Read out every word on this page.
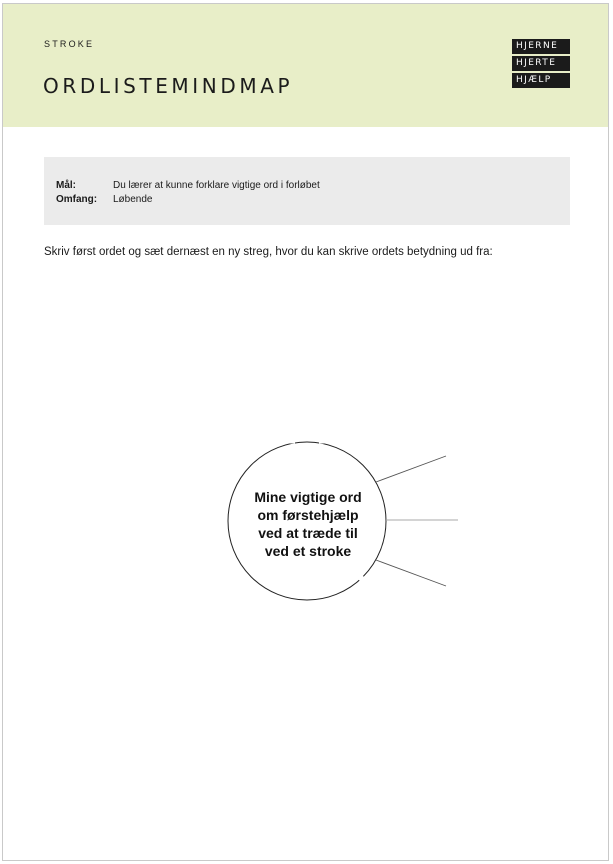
STROKE
ORDLISTEMINDMAP
HJERNE
HJERTE
HJÆLP
Mål:	Du lærer at kunne forklare vigtige ord i forløbet
Omfang: Løbende
Skriv først ordet og sæt dernæst en ny streg, hvor du kan skrive ordets betydning ud fra:
Mine vigtige ord
om førstehjælp
ved at træde til
ved et stroke
